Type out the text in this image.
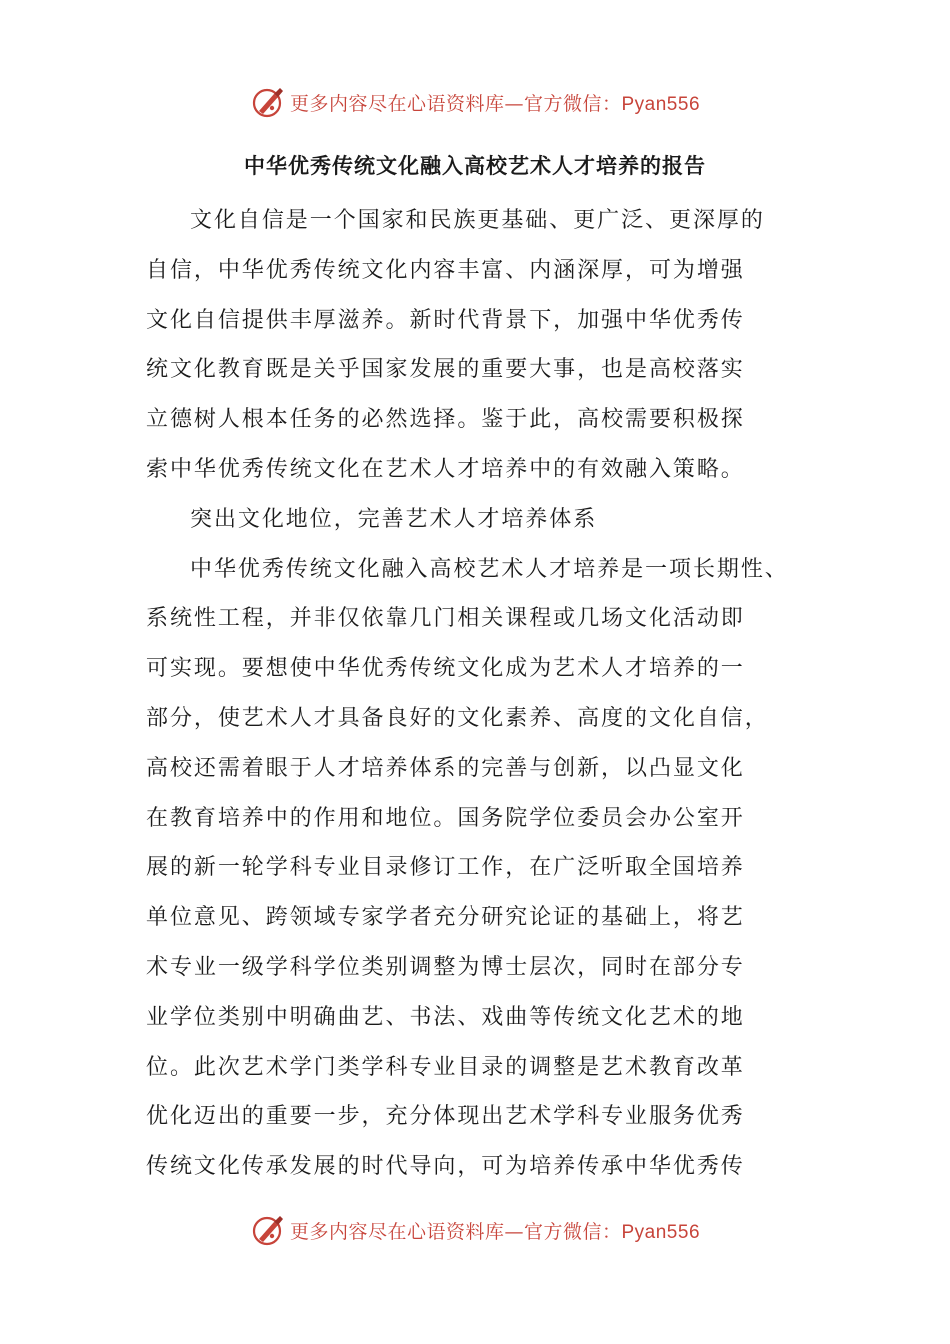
更多内容尽在心语资料库—官方微信：Pyan556
中华优秀传统文化融入高校艺术人才培养的报告
文化自信是一个国家和民族更基础、更广泛、更深厚的
自信，中华优秀传统文化内容丰富、内涵深厚，可为增强
文化自信提供丰厚滋养。新时代背景下，加强中华优秀传
统文化教育既是关乎国家发展的重要大事，也是高校落实
立德树人根本任务的必然选择。鉴于此，高校需要积极探
索中华优秀传统文化在艺术人才培养中的有效融入策略。
突出文化地位，完善艺术人才培养体系
中华优秀传统文化融入高校艺术人才培养是一项长期性、
系统性工程，并非仅依靠几门相关课程或几场文化活动即
可实现。要想使中华优秀传统文化成为艺术人才培养的一
部分，使艺术人才具备良好的文化素养、高度的文化自信，
高校还需着眼于人才培养体系的完善与创新，以凸显文化
在教育培养中的作用和地位。国务院学位委员会办公室开
展的新一轮学科专业目录修订工作，在广泛听取全国培养
单位意见、跨领域专家学者充分研究论证的基础上，将艺
术专业一级学科学位类别调整为博士层次，同时在部分专
业学位类别中明确曲艺、书法、戏曲等传统文化艺术的地
位。此次艺术学门类学科专业目录的调整是艺术教育改革
优化迈出的重要一步，充分体现出艺术学科专业服务优秀
传统文化传承发展的时代导向，可为培养传承中华优秀传
更多内容尽在心语资料库—官方微信：Pyan556
